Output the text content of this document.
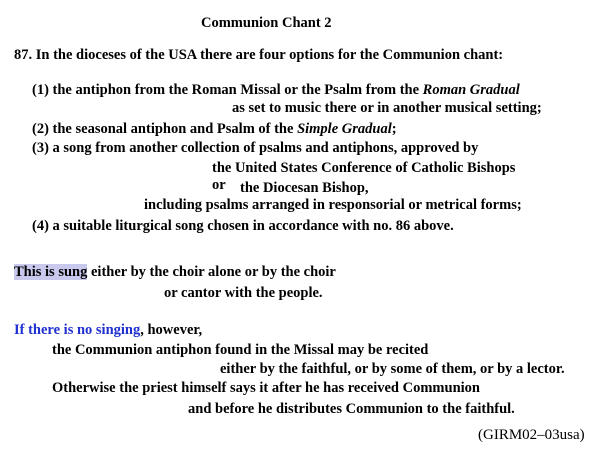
Communion Chant 2
87. In the dioceses of the USA there are four options for the Communion chant:
(1) the antiphon from the Roman Missal or the Psalm from the Roman Gradual
as set to music there or in another musical setting;
(2) the seasonal antiphon and Psalm of the Simple Gradual;
(3) a song from another collection of psalms and antiphons, approved by
the United States Conference of Catholic Bishops
or the Diocesan Bishop,
including psalms arranged in responsorial or metrical forms;
(4) a suitable liturgical song chosen in accordance with no. 86 above.
This is sung either by the choir alone or by the choir
or cantor with the people.
If there is no singing, however,
the Communion antiphon found in the Missal may be recited
either by the faithful, or by some of them, or by a lector.
Otherwise the priest himself says it after he has received Communion
and before he distributes Communion to the faithful.
(GIRM02–03usa)
